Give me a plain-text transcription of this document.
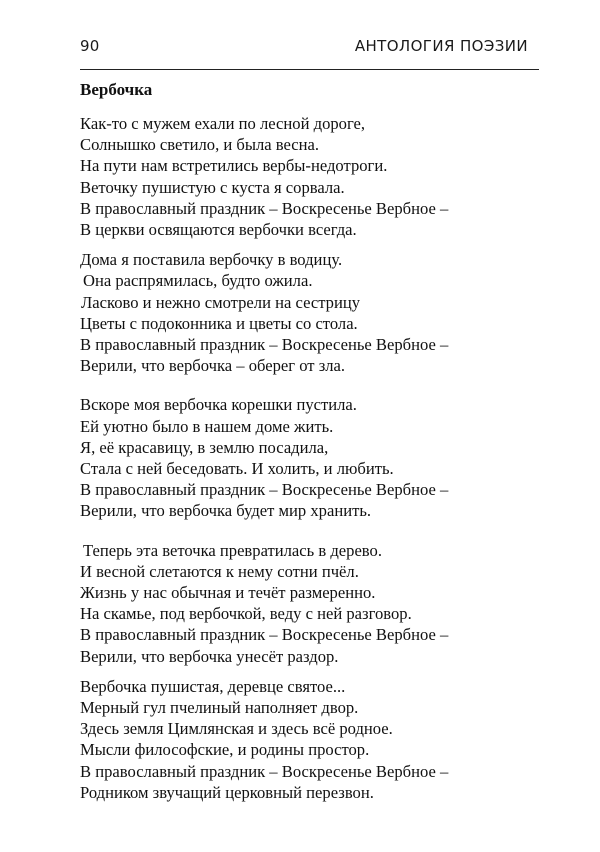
90	АНТОЛОГИЯ ПОЭЗИИ
Вербочка

Как-то с мужем ехали по лесной дороге,
Солнышко светило, и была весна.
На пути нам встретились вербы-недотроги.
Веточку пушистую с куста я сорвала.
В православный праздник – Воскресенье Вербное –
В церкви освящаются вербочки всегда.

Дома я поставила вербочку в водицу.
Она распрямилась, будто ожила.
Ласково и нежно смотрели на сестрицу
Цветы с подоконника и цветы со стола.
В православный праздник – Воскресенье Вербное –
Верили, что вербочка – оберег от зла.

Вскоре моя вербочка корешки пустила.
Ей уютно было в нашем доме жить.
Я, её красавицу, в землю посадила,
Стала с ней беседовать. И холить, и любить.
В православный праздник – Воскресенье Вербное –
Верили, что вербочка будет мир хранить.

Теперь эта веточка превратилась в дерево.
И весной слетаются к нему сотни пчёл.
Жизнь у нас обычная и течёт размеренно.
На скамье, под вербочкой, веду с ней разговор.
В православный праздник – Воскресенье Вербное –
Верили, что вербочка унесёт раздор.

Вербочка пушистая, деревце святое...
Мерный гул пчелиный наполняет двор.
Здесь земля Цимлянская и здесь всё родное.
Мысли философские, и родины простор.
В православный праздник – Воскресенье Вербное –
Родником звучащий церковный перезвон.
